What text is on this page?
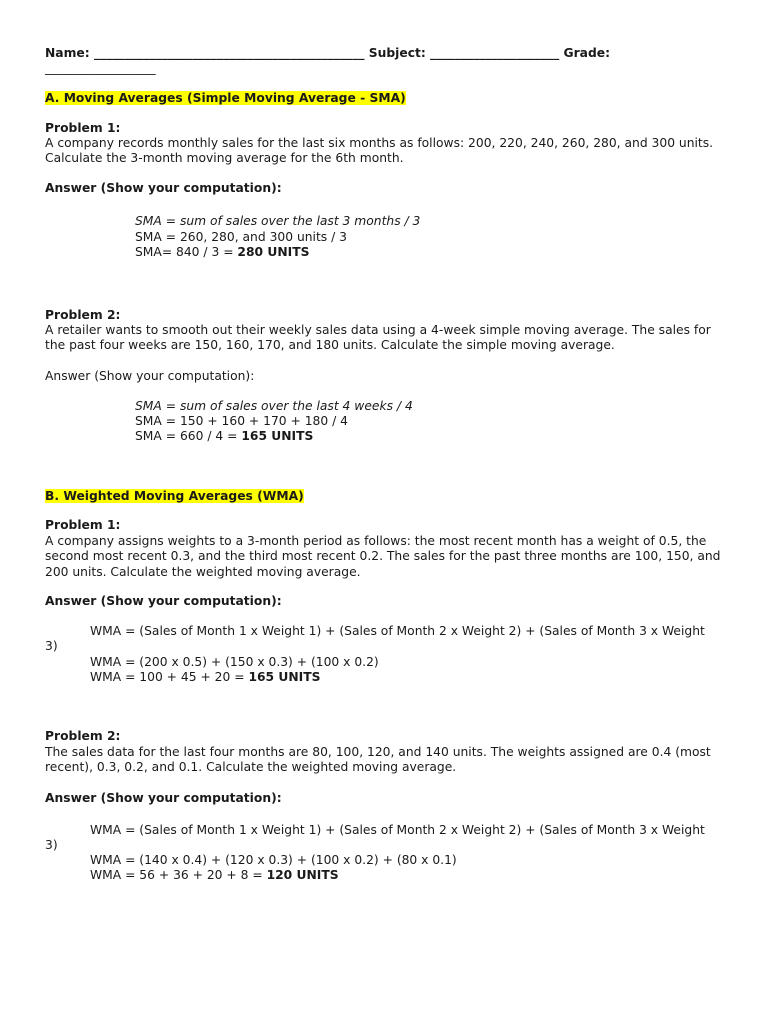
Name: ____________________________________________ Subject: _____________________ Grade:
__________________
A. Moving Averages (Simple Moving Average - SMA)
Problem 1:
A company records monthly sales for the last six months as follows: 200, 220, 240, 260, 280, and 300 units. Calculate the 3-month moving average for the 6th month.
Answer (Show your computation):
SMA = sum of sales over the last 3 months / 3
SMA = 260, 280, and 300 units / 3
SMA= 840 / 3 = 280 UNITS
Problem 2:
A retailer wants to smooth out their weekly sales data using a 4-week simple moving average. The sales for the past four weeks are 150, 160, 170, and 180 units. Calculate the simple moving average.
Answer (Show your computation):
SMA = sum of sales over the last 4 weeks / 4
SMA = 150 + 160 + 170 + 180 / 4
SMA = 660 / 4 = 165 UNITS
B. Weighted Moving Averages (WMA)
Problem 1:
A company assigns weights to a 3-month period as follows: the most recent month has a weight of 0.5, the second most recent 0.3, and the third most recent 0.2. The sales for the past three months are 100, 150, and 200 units. Calculate the weighted moving average.
Answer (Show your computation):
WMA = (Sales of Month 1 x Weight 1) + (Sales of Month 2 x Weight 2) + (Sales of Month 3 x Weight
3)
WMA = (200 x 0.5) + (150 x 0.3) + (100 x 0.2)
WMA = 100 + 45 + 20 = 165 UNITS
Problem 2:
The sales data for the last four months are 80, 100, 120, and 140 units. The weights assigned are 0.4 (most recent), 0.3, 0.2, and 0.1. Calculate the weighted moving average.
Answer (Show your computation):
WMA = (Sales of Month 1 x Weight 1) + (Sales of Month 2 x Weight 2) + (Sales of Month 3 x Weight
3)
WMA = (140 x 0.4) + (120 x 0.3) + (100 x 0.2) + (80 x 0.1)
WMA = 56 + 36 + 20 + 8 = 120 UNITS
